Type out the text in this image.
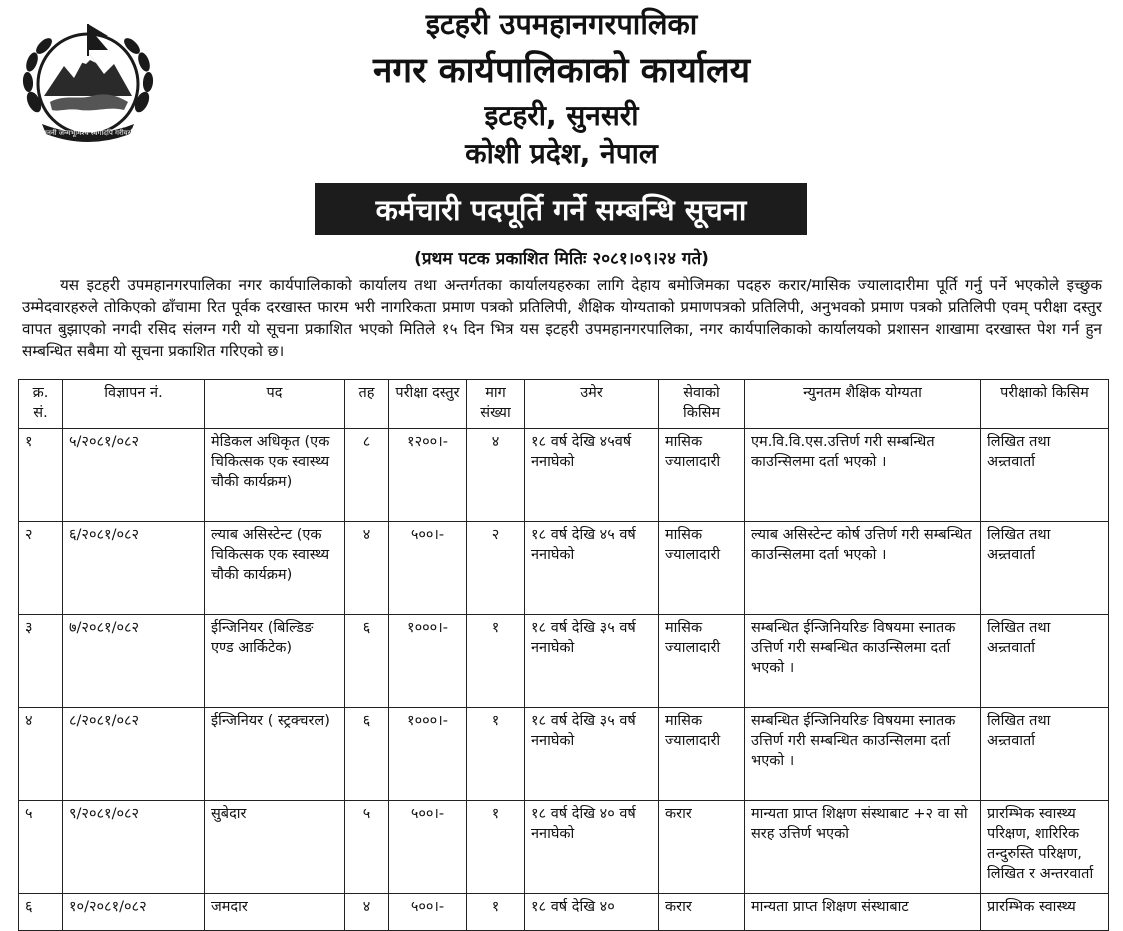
जननी जन्मभूमिश्च स्वर्गादपि गरीयसी
इटहरी उपमहानगरपालिका
नगर कार्यपालिकाको कार्यालय
इटहरी, सुनसरी
कोशी प्रदेश, नेपाल
कर्मचारी पदपूर्ति गर्ने सम्बन्धि सूचना
(प्रथम पटक प्रकाशित मितिः २०८१।०९।२४ गते)

यस इटहरी उपमहानगरपालिका नगर कार्यपालिकाको कार्यालय तथा अन्तर्गतका कार्यालयहरुका लागि देहाय बमोजिमका पदहरु करार/मासिक ज्यालादारीमा पूर्ति गर्नु पर्ने भएकोले इच्छुक उम्मेदवारहरुले तोकिएको ढाँचामा रित पूर्वक दरखास्त फारम भरी नागरिकता प्रमाण पत्रको प्रतिलिपी, शैक्षिक योग्यताको प्रमाणपत्रको प्रतिलिपी, अनुभवको प्रमाण पत्रको प्रतिलिपी एवम् परीक्षा दस्तुर वापत बुझाएको नगदी रसिद संलग्न गरी यो सूचना प्रकाशित भएको मितिले १५ दिन भित्र यस इटहरी उपमहानगरपालिका, नगर कार्यपालिकाको कार्यालयको प्रशासन शाखामा दरखास्त पेश गर्न हुन सम्बन्धित सबैमा यो सूचना प्रकाशित गरिएको छ।

क्र. सं.	विज्ञापन नं.	पद	तह	परीक्षा दस्तुर	माग संख्या	उमेर	सेवाको किसिम	न्युनतम शैक्षिक योग्यता	परीक्षाको किसिम
१	५/२०८१/०८२	मेडिकल अधिकृत (एक चिकित्सक एक स्वास्थ्य चौकी कार्यक्रम)	८	१२००।-	४	१८ वर्ष देखि ४५वर्ष ननाघेको	मासिक ज्यालादारी	एम.वि.वि.एस.उत्तिर्ण गरी सम्बन्धित काउन्सिलमा दर्ता भएको ।	लिखित तथा अन्र्तवार्ता
२	६/२०८१/०८२	ल्याब असिस्टेन्ट (एक चिकित्सक एक स्वास्थ्य चौकी कार्यक्रम)	४	५००।-	२	१८ वर्ष देखि ४५ वर्ष ननाघेको	मासिक ज्यालादारी	ल्याब असिस्टेन्ट कोर्ष उत्तिर्ण गरी सम्बन्धित काउन्सिलमा दर्ता भएको ।	लिखित तथा अन्र्तवार्ता
३	७/२०८१/०८२	ईन्जिनियर (बिल्डिङ एण्ड आर्किटेक)	६	१०००।-	१	१८ वर्ष देखि ३५ वर्ष ननाघेको	मासिक ज्यालादारी	सम्बन्धित ईन्जिनियरिङ विषयमा स्नातक उत्तिर्ण गरी सम्बन्धित काउन्सिलमा दर्ता भएको ।	लिखित तथा अन्र्तवार्ता
४	८/२०८१/०८२	ईन्जिनियर ( स्ट्रक्चरल)	६	१०००।-	१	१८ वर्ष देखि ३५ वर्ष ननाघेको	मासिक ज्यालादारी	सम्बन्धित ईन्जिनियरिङ विषयमा स्नातक उत्तिर्ण गरी सम्बन्धित काउन्सिलमा दर्ता भएको ।	लिखित तथा अन्र्तवार्ता
५	९/२०८१/०८२	सुबेदार	५	५००।-	१	१८ वर्ष देखि ४० वर्ष ननाघेको	करार	मान्यता प्राप्त शिक्षण संस्थाबाट +२ वा सो सरह उत्तिर्ण भएको	प्रारम्भिक स्वास्थ्य परिक्षण, शारिरिक तन्दुरुस्ति परिक्षण, लिखित र अन्तरवार्ता
६	१०/२०८१/०८२	जमदार	४	५००।-	१	१८ वर्ष देखि ४०	करार	मान्यता प्राप्त शिक्षण संस्थाबाट	प्रारम्भिक स्वास्थ्य
